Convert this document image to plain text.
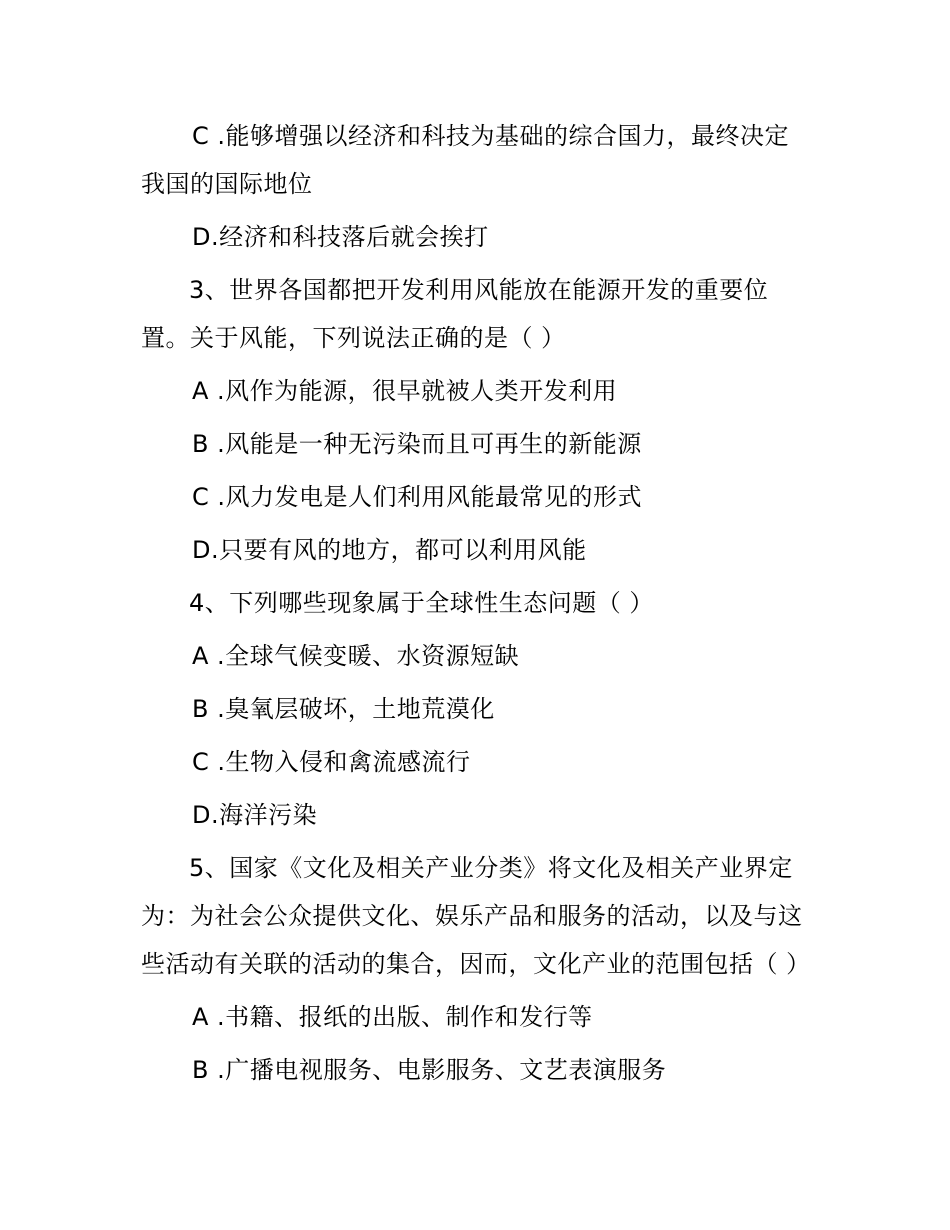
C .能够增强以经济和科技为基础的综合国力，最终决定
我国的国际地位

D.经济和科技落后就会挨打

3、世界各国都把开发利用风能放在能源开发的重要位
置。关于风能，下列说法正确的是（ ）

A .风作为能源，很早就被人类开发利用

B .风能是一种无污染而且可再生的新能源

C .风力发电是人们利用风能最常见的形式

D.只要有风的地方，都可以利用风能

4、下列哪些现象属于全球性生态问题（ ）

A .全球气候变暖、水资源短缺

B .臭氧层破坏，土地荒漠化

C .生物入侵和禽流感流行

D.海洋污染

5、国家《文化及相关产业分类》将文化及相关产业界定
为：为社会公众提供文化、娱乐产品和服务的活动，以及与这
些活动有关联的活动的集合，因而，文化产业的范围包括（ ）

A .书籍、报纸的出版、制作和发行等

B .广播电视服务、电影服务、文艺表演服务
